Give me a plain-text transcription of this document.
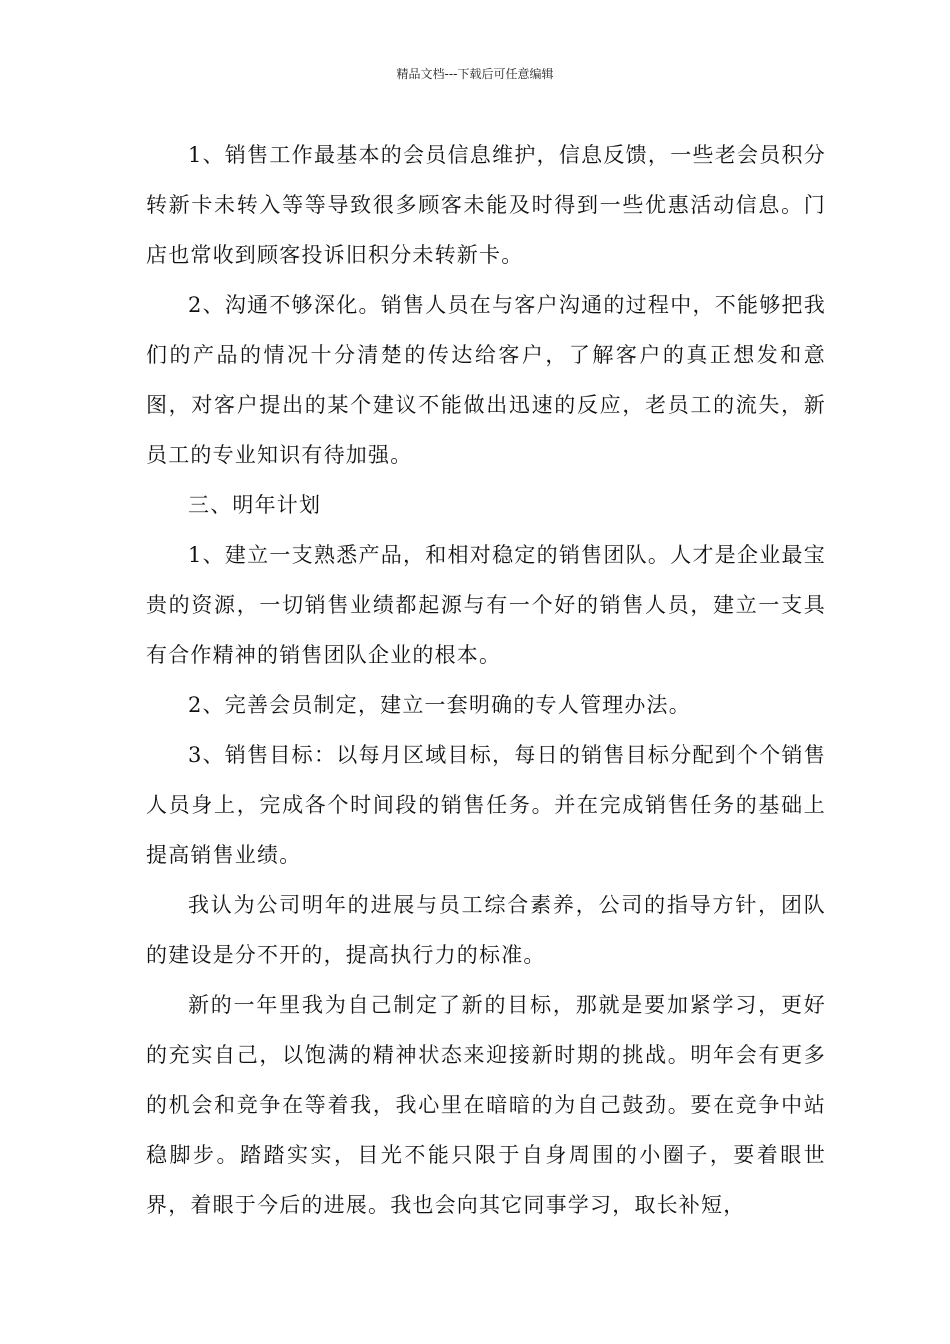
精品文档---下载后可任意编辑

1、销售工作最基本的会员信息维护，信息反馈，一些老会员积分转新卡未转入等等导致很多顾客未能及时得到一些优惠活动信息。门店也常收到顾客投诉旧积分未转新卡。

2、沟通不够深化。销售人员在与客户沟通的过程中，不能够把我们的产品的情况十分清楚的传达给客户，了解客户的真正想发和意图，对客户提出的某个建议不能做出迅速的反应，老员工的流失，新员工的专业知识有待加强。

三、明年计划

1、建立一支熟悉产品，和相对稳定的销售团队。人才是企业最宝贵的资源，一切销售业绩都起源与有一个好的销售人员，建立一支具有合作精神的销售团队企业的根本。

2、完善会员制定，建立一套明确的专人管理办法。

3、销售目标：以每月区域目标，每日的销售目标分配到个个销售人员身上，完成各个时间段的销售任务。并在完成销售任务的基础上提高销售业绩。

我认为公司明年的进展与员工综合素养，公司的指导方针，团队的建设是分不开的，提高执行力的标准。

新的一年里我为自己制定了新的目标，那就是要加紧学习，更好的充实自己，以饱满的精神状态来迎接新时期的挑战。明年会有更多的机会和竞争在等着我，我心里在暗暗的为自己鼓劲。要在竞争中站稳脚步。踏踏实实，目光不能只限于自身周围的小圈子，要着眼世界，着眼于今后的进展。我也会向其它同事学习，取长补短，
